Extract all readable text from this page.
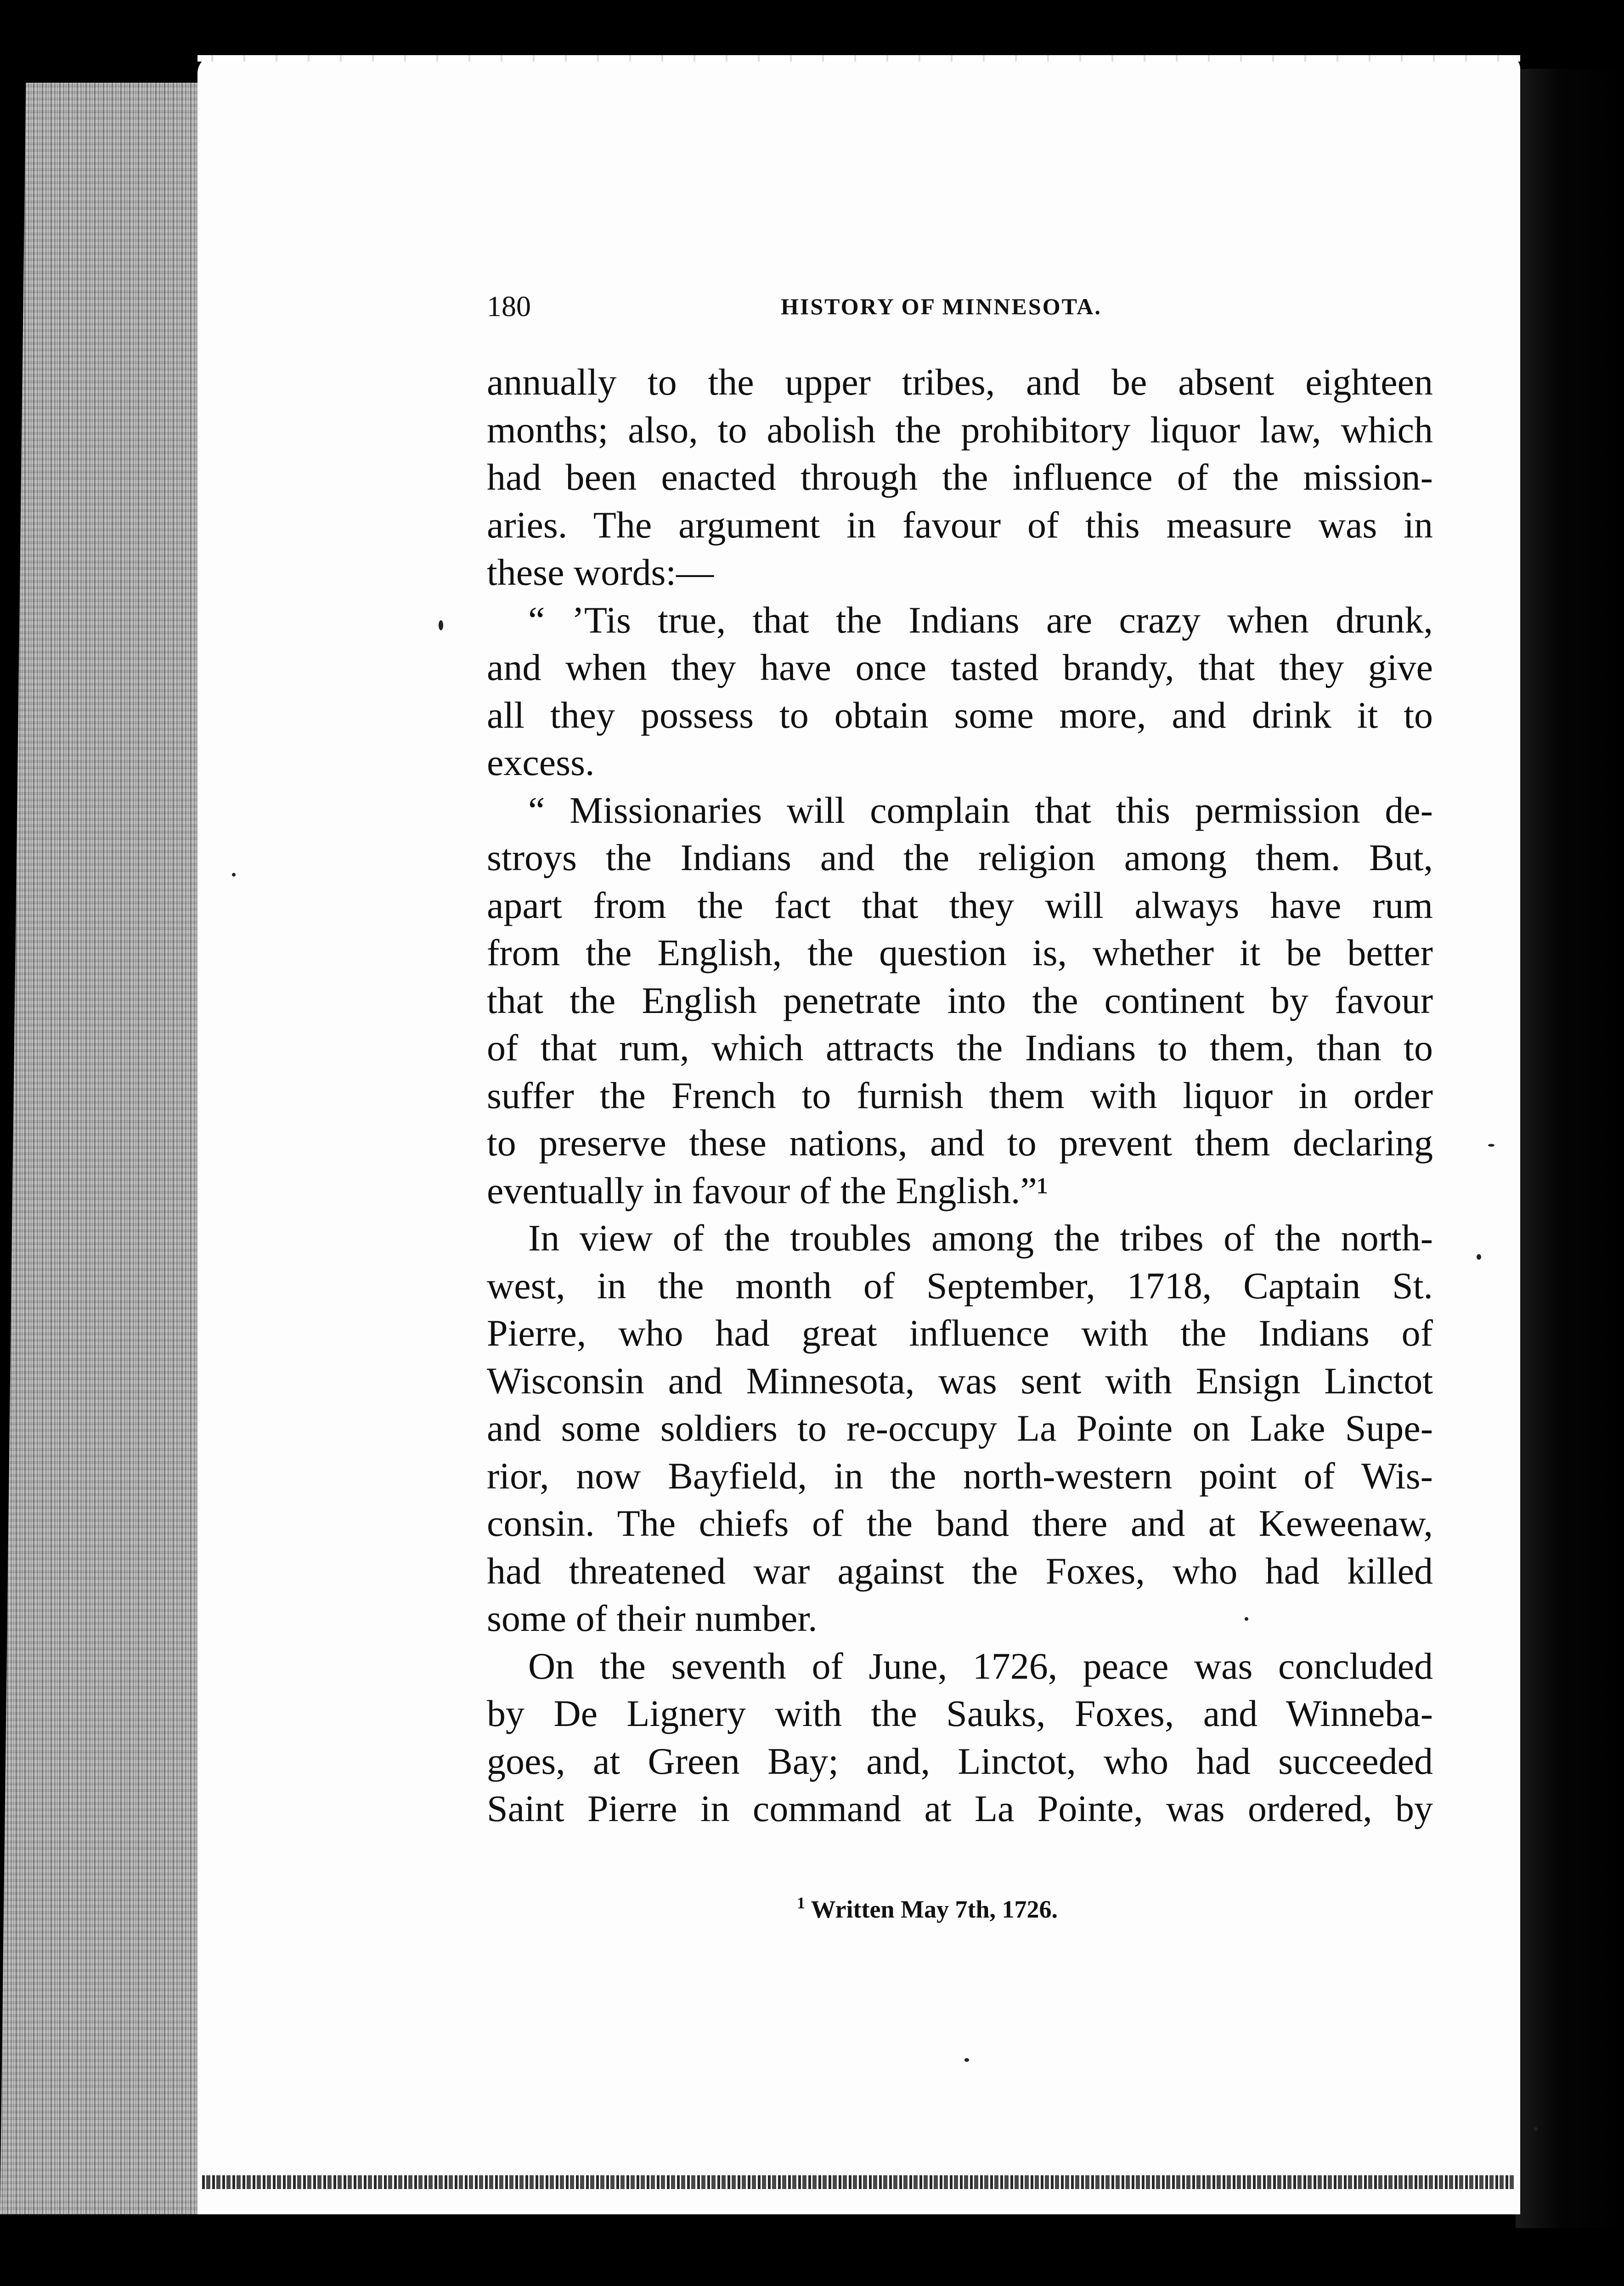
180	HISTORY OF MINNESOTA.
annually to the upper tribes, and be absent eighteen
months; also, to abolish the prohibitory liquor law, which
had been enacted through the influence of the mission-
aries. The argument in favour of this measure was in
these words:—
“ ’Tis true, that the Indians are crazy when drunk,
and when they have once tasted brandy, that they give
all they possess to obtain some more, and drink it to
excess.
“ Missionaries will complain that this permission de-
stroys the Indians and the religion among them. But,
apart from the fact that they will always have rum
from the English, the question is, whether it be better
that the English penetrate into the continent by favour
of that rum, which attracts the Indians to them, than to
suffer the French to furnish them with liquor in order
to preserve these nations, and to prevent them declaring
eventually in favour of the English.”¹
In view of the troubles among the tribes of the north-
west, in the month of September, 1718, Captain St.
Pierre, who had great influence with the Indians of
Wisconsin and Minnesota, was sent with Ensign Linctot
and some soldiers to re-occupy La Pointe on Lake Supe-
rior, now Bayfield, in the north-western point of Wis-
consin. The chiefs of the band there and at Keweenaw,
had threatened war against the Foxes, who had killed
some of their number.
On the seventh of June, 1726, peace was concluded
by De Lignery with the Sauks, Foxes, and Winneba-
goes, at Green Bay; and, Linctot, who had succeeded
Saint Pierre in command at La Pointe, was ordered, by
$^1$ Written May 7th, 1726.
